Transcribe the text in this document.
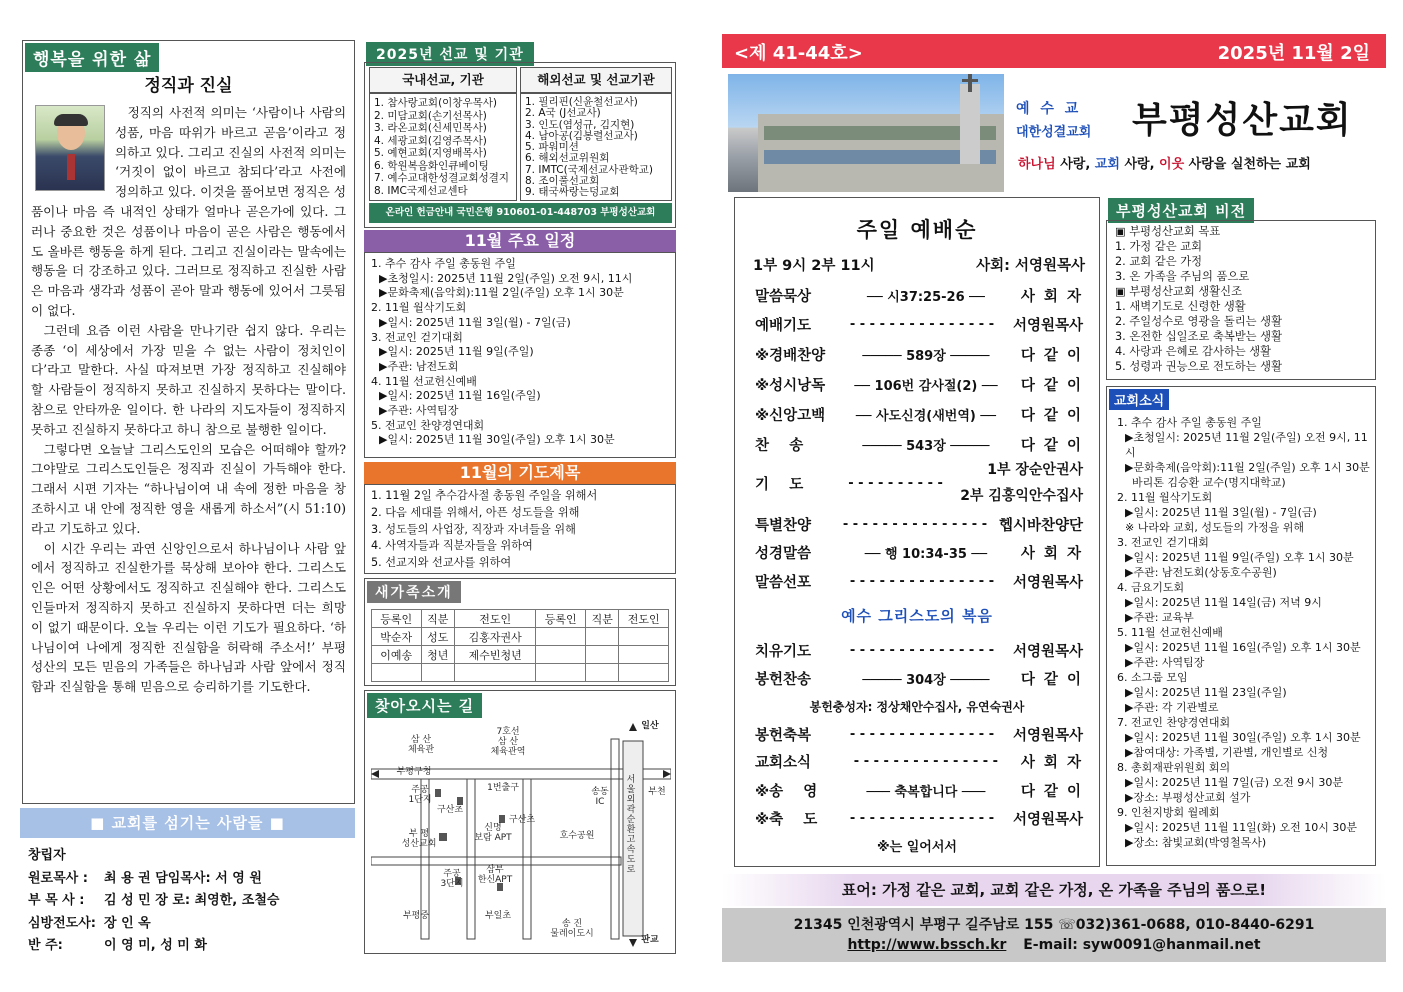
행복을 위한 삶
정직과 진실

정직의 사전적 의미는 ‘사람이나 사람의 성품, 마음 따위가 바르고 곧음’이라고 정의하고 있다. 그리고 진실의 사전적 의미는 ‘거짓이 없이 바르고 참되다’라고 사전에 정의하고 있다. 이것을 풀어보면 정직은 성품이나 마음 즉 내적인 상태가 얼마나 곧은가에 있다. 그러나 중요한 것은 성품이나 마음이 곧은 사람은 행동에서도 올바른 행동을 하게 된다. 그리고 진실이라는 말속에는 행동을 더 강조하고 있다. 그러므로 정직하고 진실한 사람은 마음과 생각과 성품이 곧아 말과 행동에 있어서 그릇됨이 없다.

그런데 요즘 이런 사람을 만나기란 쉽지 않다. 우리는 종종 ‘이 세상에서 가장 믿을 수 없는 사람이 정치인이다’라고 말한다. 사실 따져보면 가장 정직하고 진실해야 할 사람들이 정직하지 못하고 진실하지 못하다는 말이다. 참으로 안타까운 일이다. 한 나라의 지도자들이 정직하지 못하고 진실하지 못하다고 하니 참으로 불행한 일이다.

그렇다면 오늘날 그리스도인의 모습은 어떠해야 할까? 그야말로 그리스도인들은 정직과 진실이 가득해야 한다. 그래서 시편 기자는 “하나님이여 내 속에 정한 마음을 창조하시고 내 안에 정직한 영을 새롭게 하소서”(시 51:10)라고 기도하고 있다.

이 시간 우리는 과연 신앙인으로서 하나님이나 사람 앞에서 정직하고 진실한가를 묵상해 보아야 한다. 그리스도인은 어떤 상황에서도 정직하고 진실해야 한다. 그리스도인들마저 정직하지 못하고 진실하지 못하다면 더는 희망이 없기 때문이다. 오늘 우리는 이런 기도가 필요하다. ‘하나님이여 나에게 정직한 진실함을 허락해 주소서!’ 부평 성산의 모든 믿음의 가족들은 하나님과 사람 앞에서 정직함과 진실함을 통해 믿음으로 승리하기를 기도한다.

■ 교회를 섬기는 사람들 ■
창립자
원로목사 : 최 용 권 담임목사: 서 영 원
부 목 사 : 김 성 민 장 로: 최영한, 조철승
심방전도사: 장 인 옥
반 주:	이 영 미, 성 미 화
2025년 선교 및 기관
국내선교, 기관	해외선교 및 선교기관
1. 참사랑교회(이창우목사)
2. 미담교회(손기선목사)
3. 라온교회(신세민목사)
4. 세광교회(김영주목사)
5. 예현교회(지영배목사)
6. 학원복음화인큐베이팅
7. 예수교대한성결교회성결지
8. IMC국제선교센타
1. 필리핀(신윤철선교사)
2. A국 (J선교사)
3. 인도(염성규, 김지현)
4. 남아공(김봉렬선교사)
5. 파워미션
6. 해외선교위원회
7. IMTC(국제선교사관학교)
8. 조이풀선교회
9. 태국싸랑는덩교회
온라인 헌금안내 국민은행 910601-01-448703 부평성산교회
11월 주요 일정
1. 추수 감사 주일 총동원 주일
▶초청일시: 2025년 11월 2일(주일) 오전 9시, 11시
▶문화축제(음악회):11월 2일(주일) 오후 1시 30분
2. 11월 월삭기도회
▶일시: 2025년 11월 3일(월) - 7일(금)
3. 전교인 걷기대회
▶일시: 2025년 11월 9일(주일)
▶주관: 남전도회
4. 11월 선교헌신예배
▶일시: 2025년 11월 16일(주일)
▶주관: 사역팀장
5. 전교인 찬양경연대회
▶일시: 2025년 11월 30일(주일) 오후 1시 30분
11월의 기도제목
1. 11월 2일 추수감사절 총동원 주일을 위해서
2. 다음 세대를 위해서, 아픈 성도들을 위해
3. 성도들의 사업장, 직장과 자녀들을 위해
4. 사역자들과 직분자들을 위하여
5. 선교지와 선교사를 위하여
새가족소개
등록인	직분	전도인	등록인	직분	전도인
박순자	성도	김홍자권사			
이예송	청년	제수빈청년			

찾아오시는 길
7호선
삼 산
체육관역
삼 산
체육관
부평구청
주공
1단지
구산초
1번출구
구산초
부 평
성산교회
신명
보람 APT	호수공원
부천
주공
3단지
부평중
삼부
한신APT
부일초
송 진
물레이도시
일산
판교
서울 외곽 순환 고속도로
송동
IC
<제 41-44호>	2025년 11월 2일
예 수 교
대한성결교회 부평성산교회
하나님 사랑, 교회 사랑, 이웃 사랑을 실천하는 교회
주일 예배순
1부 9시 2부 11시	사회: 서영원목사
말씀묵상	── 시37:25-26 ──	사 회 자
예배기도	- - - - - - - - - - - - - - -	서영원목사
※경배찬양	───── 589장 ─────	다 같 이
※성시낭독	── 106번 감사절(2) ──	다 같 이
※신앙고백	── 사도신경(새번역) ──	다 같 이
찬    송	───── 543장 ─────	다 같 이
기    도	- - - - - - - - - -
1부 장순안권사
2부 김홍익안수집사
특별찬양	- - - - - - - - - - - - - - - 헵시바찬양단
성경말씀	── 행 10:34-35 ──	사 회 자
말씀선포	- - - - - - - - - - - - - - -	서영원목사
예수 그리스도의 복음
치유기도	- - - - - - - - - - - - - - -	서영원목사
봉헌찬송	───── 304장 ─────	다 같 이
봉헌충성자: 정상채안수집사, 유연숙권사
봉헌축복	- - - - - - - - - - - - - - -	서영원목사
교회소식	- - - - - - - - - - - - - - -	사 회 자
※송    영	─── 축복합니다 ───	다 같 이
※축    도	- - - - - - - - - - - - - - -	서영원목사
※는 일어서서
부평성산교회 비전
▣ 부평성산교회 목표
1. 가정 같은 교회
2. 교회 같은 가정
3. 온 가족을 주님의 품으로
▣ 부평성산교회 생활신조
1. 새벽기도로 신령한 생활
2. 주일성수로 영광을 돌리는 생활
3. 온전한 십일조로 축복받는 생활
4. 사랑과 은혜로 감사하는 생활
5. 성령과 권능으로 전도하는 생활
교회소식
1. 추수 감사 주일 총동원 주일
▶초청일시: 2025년 11월 2일(주일) 오전 9시, 11시
▶문화축제(음악회):11월 2일(주일) 오후 1시 30분
바리톤 김승환 교수(명지대학교)
2. 11월 월삭기도회
▶일시: 2025년 11월 3일(월) - 7일(금)
※ 나라와 교회, 성도들의 가정을 위해
3. 전교인 걷기대회
▶일시: 2025년 11월 9일(주일) 오후 1시 30분
▶주관: 남전도회(상동호수공원)
4. 금요기도회
▶일시: 2025년 11월 14일(금) 저녁 9시
▶주관: 교육부
5. 11월 선교헌신예배
▶일시: 2025년 11월 16일(주일) 오후 1시 30분
▶주관: 사역팀장
6. 소그룹 모임
▶일시: 2025년 11월 23일(주일)
▶주관: 각 기관별로
7. 전교인 찬양경연대회
▶일시: 2025년 11월 30일(주일) 오후 1시 30분
▶참여대상: 가족별, 기관별, 개인별로 신청
8. 총회재판위원회 회의
▶일시: 2025년 11월 7일(금) 오전 9시 30분
▶장소: 부평성산교회 설가
9. 인천지방회 월례회
▶일시: 2025년 11월 11일(화) 오전 10시 30분
▶장소: 참빛교회(박영철목사)
표어: 가정 같은 교회, 교회 같은 가정, 온 가족을 주님의 품으로!
21345 인천광역시 부평구 길주남로 155 ☏032)361-0688, 010-8440-6291
http://www.bssch.kr E-mail: syw0091@hanmail.net
